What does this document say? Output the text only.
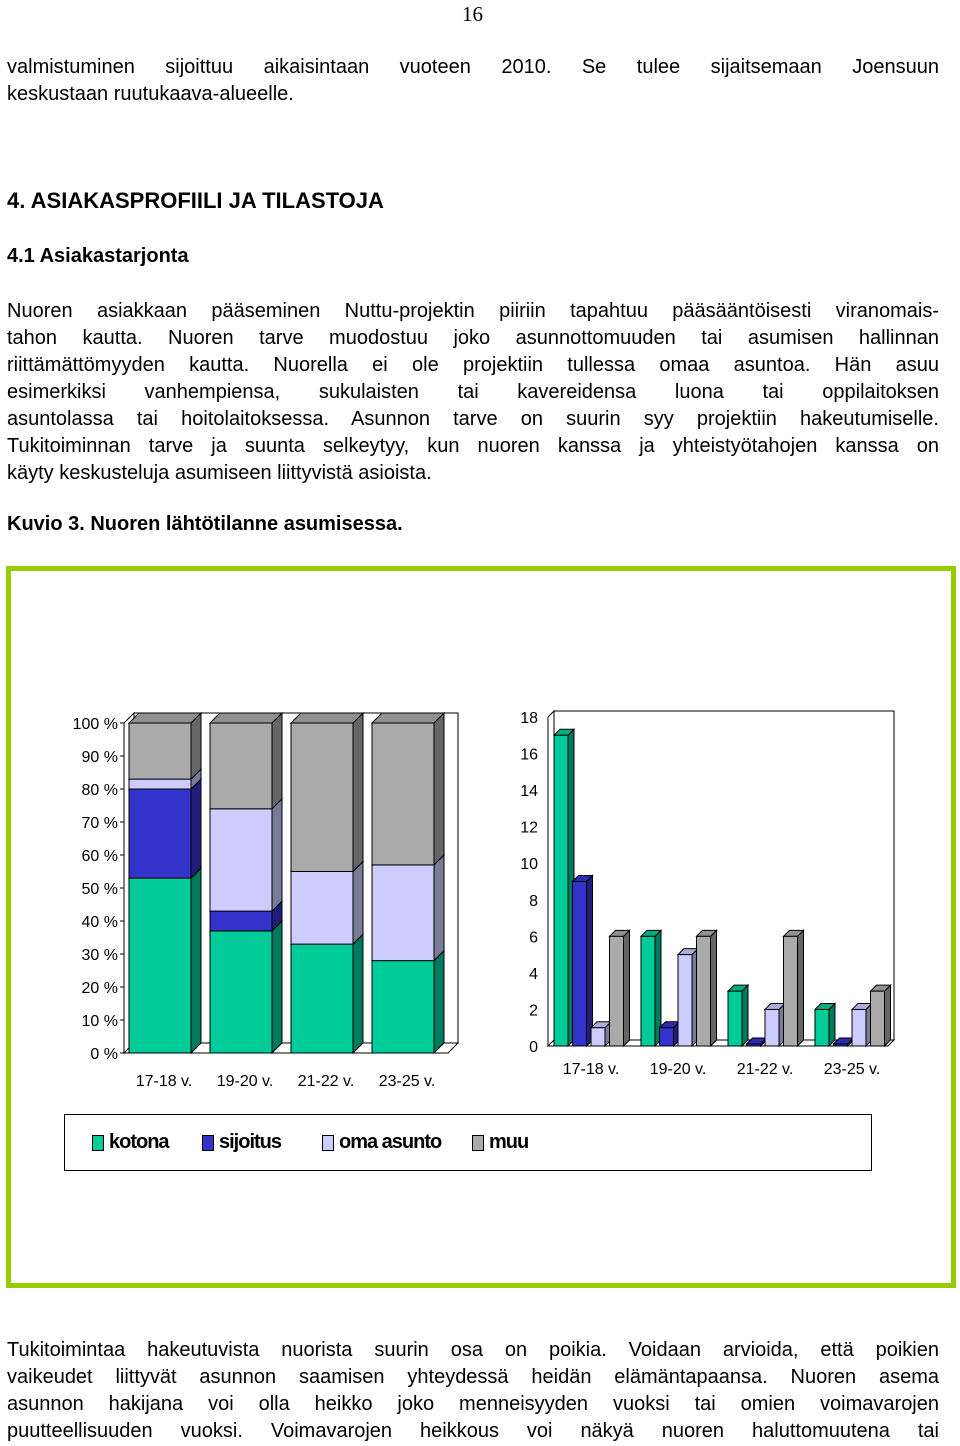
16
valmistuminen sijoittuu aikaisintaan vuoteen 2010. Se tulee sijaitsemaan Joensuun
keskustaan ruutukaava-alueelle.
4. ASIAKASPROFIILI JA TILASTOJA
4.1 Asiakastarjonta
Nuoren asiakkaan pääseminen Nuttu-projektin piiriin tapahtuu pääsääntöisesti viranomais-
tahon kautta. Nuoren tarve muodostuu joko asunnottomuuden tai asumisen hallinnan
riittämättömyyden kautta. Nuorella ei ole projektiin tullessa omaa asuntoa. Hän asuu
esimerkiksi vanhempiensa, sukulaisten tai kavereidensa luona tai oppilaitoksen
asuntolassa tai hoitolaitoksessa. Asunnon tarve on suurin syy projektiin hakeutumiselle.
Tukitoiminnan tarve ja suunta selkeytyy, kun nuoren kanssa ja yhteistyötahojen kanssa on
käyty keskusteluja asumiseen liittyvistä asioista.
Kuvio 3. Nuoren lähtötilanne asumisessa.
0 %
10 %
20 %
30 %
40 %
50 %
60 %
70 %
80 %
90 %
100 %
17-18 v. 19-20 v. 21-22 v. 23-25 v.
0
2
4
6
8
10
12
14
16
18
17-18 v. 19-20 v. 21-22 v. 23-25 v.
kotona	sijoitus	oma asunto muu
Tukitoimintaa hakeutuvista nuorista suurin osa on poikia. Voidaan arvioida, että poikien
vaikeudet liittyvät asunnon saamisen yhteydessä heidän elämäntapaansa. Nuoren asema
asunnon hakijana voi olla heikko joko menneisyyden vuoksi tai omien voimavarojen
puutteellisuuden vuoksi. Voimavarojen heikkous voi näkyä nuoren haluttomuutena tai
